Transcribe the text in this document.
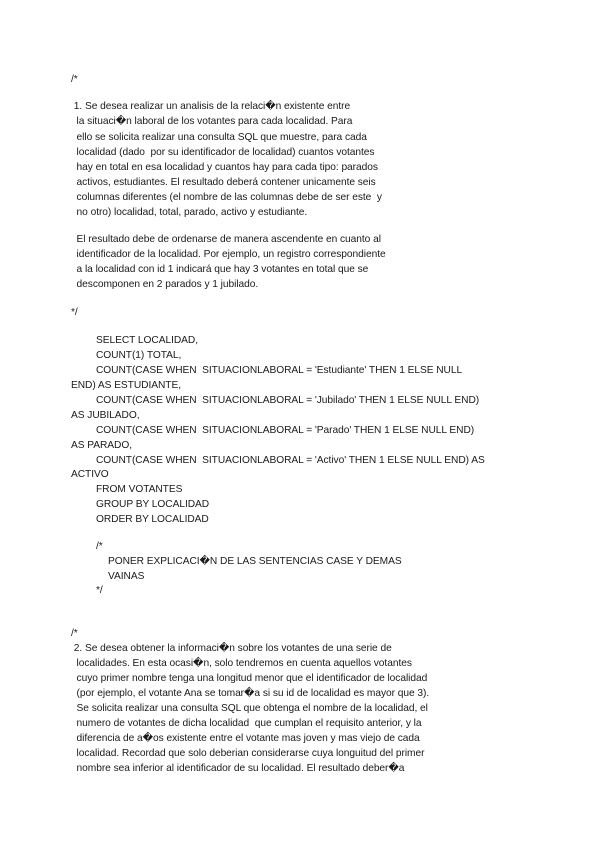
/*
1. Se desea realizar un analisis de la relaci�n existente entre
la situaci�n laboral de los votantes para cada localidad. Para
ello se solicita realizar una consulta SQL que muestre, para cada
localidad (dado  por su identificador de localidad) cuantos votantes
hay en total en esa localidad y cuantos hay para cada tipo: parados
activos, estudiantes. El resultado deberá contener unicamente seis
columnas diferentes (el nombre de las columnas debe de ser este  y
no otro) localidad, total, parado, activo y estudiante.
El resultado debe de ordenarse de manera ascendente en cuanto al
identificador de la localidad. Por ejemplo, un registro correspondiente
a la localidad con id 1 indicará que hay 3 votantes en total que se
descomponen en 2 parados y 1 jubilado.
*/
SELECT LOCALIDAD,
COUNT(1) TOTAL,
COUNT(CASE WHEN  SITUACIONLABORAL = 'Estudiante' THEN 1 ELSE NULL
END) AS ESTUDIANTE,
COUNT(CASE WHEN  SITUACIONLABORAL = 'Jubilado' THEN 1 ELSE NULL END)
AS JUBILADO,
COUNT(CASE WHEN  SITUACIONLABORAL = 'Parado' THEN 1 ELSE NULL END)
AS PARADO,
COUNT(CASE WHEN  SITUACIONLABORAL = 'Activo' THEN 1 ELSE NULL END) AS
ACTIVO
FROM VOTANTES
GROUP BY LOCALIDAD
ORDER BY LOCALIDAD
/*
PONER EXPLICACI�N DE LAS SENTENCIAS CASE Y DEMAS
VAINAS
*/
/*
2. Se desea obtener la informaci�n sobre los votantes de una serie de
localidades. En esta ocasi�n, solo tendremos en cuenta aquellos votantes
cuyo primer nombre tenga una longitud menor que el identificador de localidad
(por ejemplo, el votante Ana se tomar�a si su id de localidad es mayor que 3).
Se solicita realizar una consulta SQL que obtenga el nombre de la localidad, el
numero de votantes de dicha localidad  que cumplan el requisito anterior, y la
diferencia de a�os existente entre el votante mas joven y mas viejo de cada
localidad. Recordad que solo deberian considerarse cuya longuitud del primer
nombre sea inferior al identificador de su localidad. El resultado deber�a
